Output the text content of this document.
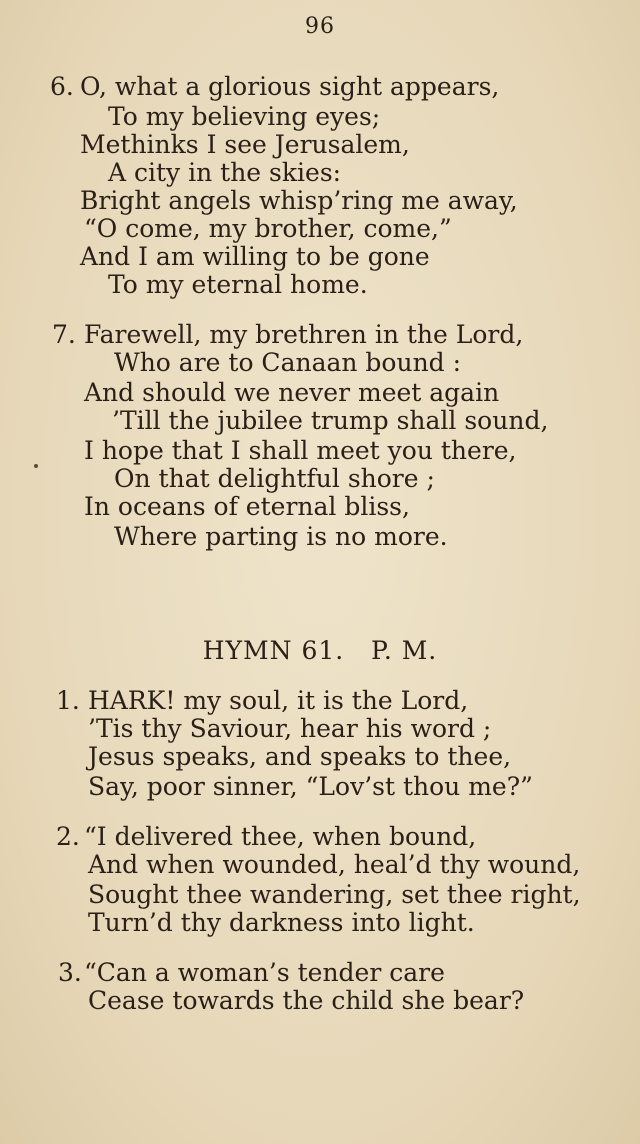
96
6. O, what a glorious sight appears,
To my believing eyes;
Methinks I see Jerusalem,
A city in the skies:
Bright angels whisp’ring me away,
“O come, my brother, come,”
And I am willing to be gone
To my eternal home.
7. Farewell, my brethren in the Lord,
Who are to Canaan bound :
And should we never meet again
’Till the jubilee trump shall sound,
I hope that I shall meet you there,
On that delightful shore ;
In oceans of eternal bliss,
Where parting is no more.
HYMN 61.   P. M.
1. HARK! my soul, it is the Lord,
’Tis thy Saviour, hear his word ;
Jesus speaks, and speaks to thee,
Say, poor sinner, “Lov’st thou me?”
2. “I delivered thee, when bound,
And when wounded, heal’d thy wound,
Sought thee wandering, set thee right,
Turn’d thy darkness into light.
3. “Can a woman’s tender care
Cease towards the child she bear?
